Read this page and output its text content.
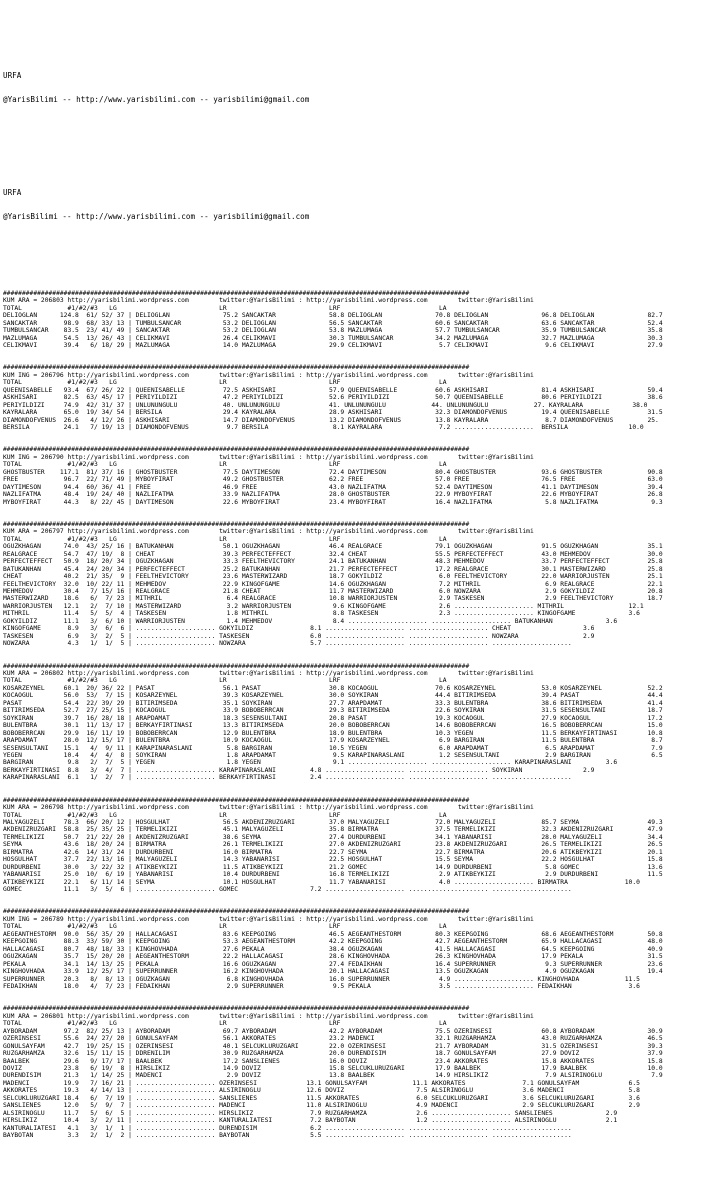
URFA

@YarisBilimi -- http://www.yarisbilimi.com -- yarisbilimi@gmail.com

URFA

@YarisBilimi -- http://www.yarisbilimi.com -- yarisbilimi@gmail.com

###########################################################################################################################
KUM ARA = 206803 http://yarisbilimi.wordpress.com        twitter:@YarisBilimi : http://yarisbilimi.wordpress.com        twitter:@YarisBilimi
TOTAL            #1/#2/#3   LG                           LR                           LRF                          LA
DELIOGLAN      124.8  61/ 52/ 37 | DELIOGLAN              75.2 SANCAKTAR              58.8 DELIOGLAN              70.8 DELIOGLAN              96.8 DELIOGLAN              82.7
SANCAKTAR       98.9  68/ 33/ 13 | TUMBULSANCAR           53.2 DELIOGLAN              56.5 SANCAKTAR              60.6 SANCAKTAR              63.6 SANCAKTAR              52.4
TUMBULSANCAR    83.5  23/ 41/ 49 | SANCAKTAR              53.2 DELIOGLAN              53.8 MAZLUMAGA              57.7 TUMBULSANCAR           35.9 TUMBULSANCAR           35.8
MAZLUMAGA       54.5  13/ 26/ 43 | CELIKMAVI              26.4 CELIKMAVI              30.3 TUMBULSANCAR           34.2 MAZLUMAGA              32.7 MAZLUMAGA              30.3
CELIKMAVI       39.4   6/ 18/ 29 | MAZLUMAGA              14.0 MAZLUMAGA              29.9 CELIKMAVI               5.7 CELIKMAVI               9.6 CELIKMAVI              27.9

###########################################################################################################################
KUM ING = 206796 http://yarisbilimi.wordpress.com        twitter:@YarisBilimi : http://yarisbilimi.wordpress.com        twitter:@YarisBilimi
TOTAL            #1/#2/#3   LG                           LR                           LRF                          LA
QUEENISABELLE   93.4  67/ 26/ 22 | QUEENISABELLE          72.5 ASKHISARI              57.9 QUEENISABELLE          60.6 ASKHISARI              81.4 ASKHISARI              59.4
ASKHISARI       82.5  63/ 45/ 17 | PERIYILDIZI            47.2 PERIYILDIZI            52.6 PERIYILDIZI            50.7 QUEENISABELLE          80.6 PERIYILDIZI            38.6
PERIYILDIZI     74.9  42/ 31/ 37 | UNLUNUNGULU            40. UNLUNUNGULU             41. UNLUNUNGULU            44. UNLUNUNGULU            27. KAYRALARA             38.0
KAYRALARA       65.0  19/ 34/ 54 | BERSILA                29.4 KAYRALARA              28.9 ASKHISARI              32.3 DIAMONDOFVENUS         19.4 QUEENISABELLE          31.5
DIAMONDOFVENUS  26.6   4/ 12/ 26 | ASKHISARI              14.7 DIAMONDOFVENUS         13.2 DIAMONDOFVENUS         13.8 KAYRALARA               8.7 DIAMONDOFVENUS         25.
BERSILA         24.1   7/ 19/ 13 | DIAMONDOFVENUS          9.7 BERSILA                 8.1 KAYRALARA               7.2 .....................  BERSILA                10.0

###########################################################################################################################
KUM ING = 206790 http://yarisbilimi.wordpress.com        twitter:@YarisBilimi : http://yarisbilimi.wordpress.com        twitter:@YarisBilimi
TOTAL            #1/#2/#3   LG                           LR                           LRF                          LA
GHOSTBUSTER    117.1  81/ 37/ 16 | GHOSTBUSTER            77.5 DAYTIMESON             72.4 DAYTIMESON             80.4 GHOSTBUSTER            93.6 GHOSTBUSTER            90.8
FREE            96.7  22/ 71/ 49 | MYBOYFIRAT             49.2 GHOSTBUSTER            62.2 FREE                   57.0 FREE                   76.5 FREE                   63.0
DAYTIMESON      94.4  60/ 36/ 41 | FREE                   46.9 FREE                   43.0 NAZLIFATMA             52.4 DAYTIMESON             41.1 DAYTIMESON             39.4
NAZLIFATMA      48.4  19/ 24/ 40 | NAZLIFATMA             33.9 NAZLIFATMA             28.0 GHOSTBUSTER            22.9 MYBOYFIRAT             22.6 MYBOYFIRAT             26.8
MYBOYFIRAT      44.3   8/ 22/ 45 | DAYTIMESON             22.6 MYBOYFIRAT             23.4 MYBOYFIRAT             16.4 NAZLIFATMA              5.8 NAZLIFATMA              9.3

###########################################################################################################################
KUM ARA = 206797 http://yarisbilimi.wordpress.com        twitter:@YarisBilimi : http://yarisbilimi.wordpress.com        twitter:@YarisBilimi
TOTAL            #1/#2/#3   LG                           LR                           LRF                          LA
OGUZKHAGAN      74.0  43/ 25/ 16 | BATUKANHAN             50.1 OGUZKHAGAN             46.4 REALGRACE              79.1 OGUZKHAGAN             91.5 OGUZKHAGAN             35.1
REALGRACE       54.7  47/ 19/  8 | CHEAT                  39.3 PERFECTEFFECT          32.4 CHEAT                  55.5 PERFECTEFFECT          43.0 MEHMEDOV               30.0
PERFECTEFFECT   50.9  18/ 20/ 34 | OGUZKHAGAN             33.3 FEELTHEVICTORY         24.1 BATUKANHAN             48.3 MEHMEDOV               33.7 PERFECTEFFECT          25.8
BATUKANHAN      45.4  24/ 20/ 34 | PERFECTEFFECT          25.2 BATUKANHAN             21.7 PERFECTEFFECT          17.2 REALGRACE              30.1 MASTERWIZARD           25.8
CHEAT           40.2  21/ 35/  9 | FEELTHEVICTORY         23.6 MASTERWIZARD           18.7 GOKYILDIZ               6.0 FEELTHEVICTORY         22.0 WARRIORJUSTEN          25.1
FEELTHEVICTORY  32.0  10/ 22/ 11 | MEHMEDOV               22.9 KINGOFGAME             14.6 OGUZKHAGAN              7.2 MITHRIL                 6.9 REALGRACE              22.1
MEHMEDOV        30.4   7/ 15/ 16 | REALGRACE              21.8 CHEAT                  11.7 MASTERWIZARD            6.0 NOWZARA                 2.9 GOKYILDIZ              20.8
MASTERWIZARD    18.6   6/  7/ 23 | MITHRIL                 6.4 REALGRACE              10.8 WARRIORJUSTEN           2.9 TASKESEN                2.9 FEELTHEVICTORY         18.7
WARRIORJUSTEN   12.1   2/  7/ 10 | MASTERWIZARD            3.2 WARRIORJUSTEN           9.6 KINGOFGAME              2.6 ..................... MITHRIL                 12.1
MITHRIL         11.4   5/  5/  4 | TASKESEN                1.8 MITHRIL                 8.8 TASKESEN                2.3 ..................... KINGOFGAME              3.6
GOKYILDIZ       11.1   3/  6/ 10 | WARRIORJUSTEN           1.4 MEHMEDOV                8.4 ..................... ..................... BATUKANHAN              3.6
KINGOFGAME       8.9   3/  6/  6 | ..................... GOKYILDIZ               8.1 ..................... ..................... CHEAT                   3.6
TASKESEN         6.9   3/  2/  5 | ..................... TASKESEN                6.0 ..................... ..................... NOWZARA                 2.9
NOWZARA          4.3   1/  1/  5 | ..................... NOWZARA                 5.7 ..................... ..................... .....................

###########################################################################################################################
KUM ARA = 206802 http://yarisbilimi.wordpress.com        twitter:@YarisBilimi : http://yarisbilimi.wordpress.com        twitter:@YarisBilimi
TOTAL            #1/#2/#3   LG                           LR                           LRF                          LA
KOSARZEYNEL     60.1  20/ 36/ 22 | PASAT                  56.1 PASAT                  30.8 KOCAOGUL               70.6 KOSARZEYNEL            53.0 KOSARZEYNEL            52.2
KOCAOGUL        56.0  53/  7/ 15 | KOSARZEYNEL            39.3 KOSARZEYNEL            30.0 SOYKIRAN               44.4 BITIRIMSEDA            39.4 PASAT                  44.4
PASAT           54.4  22/ 39/ 29 | BITIRIMSEDA            35.1 SOYKIRAN               27.7 ARAPDAMAT              33.3 BULENTBRA              38.6 BITIRIMSEDA            41.4
BITIRIMSEDA     52.7  27/ 25/ 15 | KOCAOGUL               33.9 BOBOBERRCAN            29.3 BITIRIMSEDA            22.6 SOYKIRAN               31.5 SESENSULTANI           18.7
SOYKIRAN        39.7  16/ 28/ 18 | ARAPDAMAT              18.3 SESENSULTANI           20.8 PASAT                  19.3 KOCAOGUL               27.9 KOCAOGUL               17.2
BULENTBRA       30.1  11/ 13/ 17 | BERKAYFIRTINASI        13.3 BITIRIMSEDA            20.0 BOBOBERRCAN            14.6 BOBOBERRCAN            16.5 BOBOBERRCAN            15.0
BOBOBERRCAN     29.9  16/ 11/ 19 | BOBOBERRCAN            12.9 BULENTBRA              18.9 BULENTBRA              10.3 YEGEN                  11.5 BERKAYFIRTINASI        10.8
ARAPDAMAT       28.0  12/ 15/ 17 | BULENTBRA              10.9 KOCAOGUL               17.9 KOSARZEYNEL             6.9 BARGIRAN               11.5 BULENTBRA               8.7
SESENSULTANI    15.1   4/  9/ 11 | KARAPINARASLANI         5.8 BARGIRAN               10.5 YEGEN                   6.0 ARAPDAMAT               6.5 ARAPDAMAT               7.9
YEGEN           10.4   4/  4/  8 | SOYKIRAN                1.8 ARAPDAMAT               9.5 KARAPINARASLANI         1.2 SESENSULTANI            2.9 BARGIRAN                6.5
BARGIRAN         9.8   2/  7/  5 | YEGEN                   1.8 YEGEN                   9.1 ..................... ..................... KARAPINARASLANI         3.6
BERKAYFIRTINASI  8.8   3/  4/  7 | ..................... KARAPINARASLANI         4.8 ..................... ..................... SOYKIRAN                2.9
KARAPINARASLANI  6.1   1/  2/  7 | ..................... BERKAYFIRTINASI         2.4 ..................... ..................... .....................

###########################################################################################################################
KUM ARA = 206798 http://yarisbilimi.wordpress.com        twitter:@YarisBilimi : http://yarisbilimi.wordpress.com        twitter:@YarisBilimi
TOTAL            #1/#2/#3   LG                           LR                           LRF                          LA
MALYAGUZELI     78.3  66/ 20/ 12 | HOSGULHAT              56.5 AKDENIZRUZGARI         37.0 MALYAGUZELI            72.0 MALYAGUZELI            85.7 SEYMA                  49.3
AKDENIZRUZGARI  58.8  25/ 35/ 25 | TERMELIKIZI            45.1 MALYAGUZELI            35.8 BIRMATRA               37.5 TERMELIKIZI            32.3 AKDENIZRUZGARI         47.9
TERMELIKIZI     50.7  21/ 22/ 20 | AKDENIZRUZGARI         38.6 SEYMA                  27.4 DURDURBENI             34.1 YABANARISI             28.0 MALYAGUZELI            34.4
SEYMA           43.6  18/ 20/ 24 | BIRMATRA               26.1 TERMELIKIZI            27.0 AKDENIZRUZGARI         23.8 AKDENIZRUZGARI         26.5 TERMELIKIZI            26.5
BIRMATRA        42.6  14/ 31/ 24 | DURDURBENI             16.0 BIRMATRA               22.7 SEYMA                  22.7 BIRMATRA               20.6 ATIKBEYKIZI            20.1
HOSGULHAT       37.7  22/ 13/ 16 | MALYAGUZELI            14.3 YABANARISI             22.5 HOSGULHAT              15.5 SEYMA                  22.2 HOSGULHAT              15.8
DURDURBENI      30.0   3/ 22/ 32 | ATIKBEYKIZI            11.5 ATIKBEYKIZI            21.2 GOMEC                  14.9 DURDURBENI              5.8 GOMEC                  13.6
YABANARISI      25.0  10/  6/ 19 | YABANARISI             10.4 DURDURBENI             16.8 TERMELIKIZI             2.9 ATIKBEYKIZI             2.9 DURDURBENI             11.5
ATIKBEYKIZI     22.1   6/ 11/ 14 | SEYMA                  10.1 HOSGULHAT              11.7 YABANARISI              4.0 ..................... BIRMATRA               10.0
GOMEC           11.1   3/  5/  6 | ..................... GOMEC                   7.2 ..................... ..................... .....................

###########################################################################################################################
KUM ING = 206789 http://yarisbilimi.wordpress.com        twitter:@YarisBilimi : http://yarisbilimi.wordpress.com        twitter:@YarisBilimi
TOTAL            #1/#2/#3   LG                           LR                           LRF                          LA
AEGEANTHESTORM  90.0  56/ 35/ 29 | HALLACAGASI            83.6 KEEPGOING              46.5 AEGEANTHESTORM         80.3 KEEPGOING              68.6 AEGEANTHESTORM         50.8
KEEPGOING       88.3  33/ 59/ 30 | KEEPGOING              53.3 AEGEANTHESTORM         42.2 KEEPGOING              42.7 AEGEANTHESTORM         65.9 HALLACAGASI            48.0
HALLACAGASI     80.7  48/ 18/ 33 | KINGHOVHADA            27.6 PEKALA                 38.4 OGUZKAGAN              41.5 HALLACAGASI            64.5 KEEPGOING              40.9
OGUZKAGAN       35.7  15/ 20/ 20 | AEGEANTHESTORM         22.2 HALLACAGASI            28.6 KINGHOVHADA            26.3 KINGHOVHADA            17.9 PEKALA                 31.5
PEKALA          34.1  14/ 13/ 25 | PEKALA                 16.6 OGUZKAGAN              27.4 FEDAIKHAN              16.4 SUPERRUNNER             9.3 SUPERRUNNER            23.6
KINGHOVHADA     33.9  12/ 25/ 17 | SUPERRUNNER            16.2 KINGHOVHADA            20.1 HALLACAGASI            13.5 OGUZKAGAN               4.9 OGUZKAGAN              19.4
SUPERRUNNER     20.3   8/  8/ 13 | OGUZKAGAN               6.8 KINGHOVHADA            16.0 SUPERRUNNER             4.9 ..................... KINGHOVHADA            11.5
FEDAIKHAN       18.0   4/  7/ 23 | FEDAIKHAN               2.9 SUPERRUNNER             9.5 PEKALA                  3.5 ..................... FEDAIKHAN               3.6

###########################################################################################################################
KUM ARA = 206801 http://yarisbilimi.wordpress.com        twitter:@YarisBilimi : http://yarisbilimi.wordpress.com        twitter:@YarisBilimi
TOTAL            #1/#2/#3   LG                           LR                           LRF                          LA
AYBORADAM       97.2  82/ 25/ 13 | AYBORADAM              69.7 AYBORADAM              42.2 AYBORADAM              75.5 OZERINSESI             60.8 AYBORADAM              30.9
OZERINSESI      55.6  24/ 27/ 20 | GONULSAYFAM            56.1 AKKORATES              23.2 MADENCI                32.1 RUZGARHAMZA            43.0 RUZGARHAMZA            46.5
GONULSAYFAM     42.7  19/ 25/ 15 | OZERINSESI             40.1 SELCUKLURUZGARI        22.0 OZERINSESI             21.7 AYBORADAM              31.5 OZERINSESI             39.3
RUZGARHAMZA     32.6  15/ 11/ 15 | DDRENILIM              30.9 RUZGARHAMZA            20.0 DURENDISIM             18.7 GONULSAYFAM            27.9 DOVIZ                  37.9
BAALBEK         29.6   9/ 17/ 17 | BAALBEK                17.2 SANSLIENES             16.0 DOVIZ                  23.4 AKKORATES              15.8 AKKORATES              15.8
DOVIZ           23.8   6/ 19/  8 | HIRSLIKIZ              14.9 DOVIZ                  15.8 SELCUKLURUZGARI        17.9 BAALBEK                17.9 BAALBEK                10.0
DURENDISIM      21.3   1/ 14/ 25 | MADENCI                 2.9 DOVIZ                  13.8 BAALBEK                14.9 HIRSLIKIZ               7.9 ALSIRINOGLU             7.9
MADENCI         19.9   7/ 16/ 21 | ..................... OZERINSESI             13.1 GONULSAYFAM            11.1 AKKORATES               7.1 GONULSAYFAM             6.5
AKKORATES       19.3   4/ 14/ 13 | ..................... ALSIRINOGLU            12.6 DOVIZ                   7.5 ALSIRINOGLU             3.6 MADENCI                 5.8
SELCUKLURUZGARI 18.4   6/  7/ 19 | ..................... SANSLIENES             11.5 AKKORATES               6.0 SELCUKLURUZGARI         3.6 SELCUKLURUZGARI         3.6
SANSLIENES      12.0   5/  9/  7 | ..................... MADENCI                11.0 ALSIRINOGLU             4.9 MADENCI                 2.9 SELCUKLURUZGARI         2.9
ALSIRINOGLU     11.7   5/  6/  5 | ..................... HIRSLIKIZ               7.9 RUZGARHAMZA             2.6 ..................... SANSLIENES              2.9
HIRSLIKIZ       10.4   3/  2/ 11 | ..................... KANTURALIATESI          7.2 BAYBOTAN                1.2 ..................... ALSIRINOGLU             2.1
KANTURALIATESI   4.1   3/  1/  1 | ..................... DURENDISIM              6.2 ..................... ..................... .....................
BAYBOTAN         3.3   2/  1/  2 | ..................... BAYBOTAN                5.5 ..................... ..................... .....................
